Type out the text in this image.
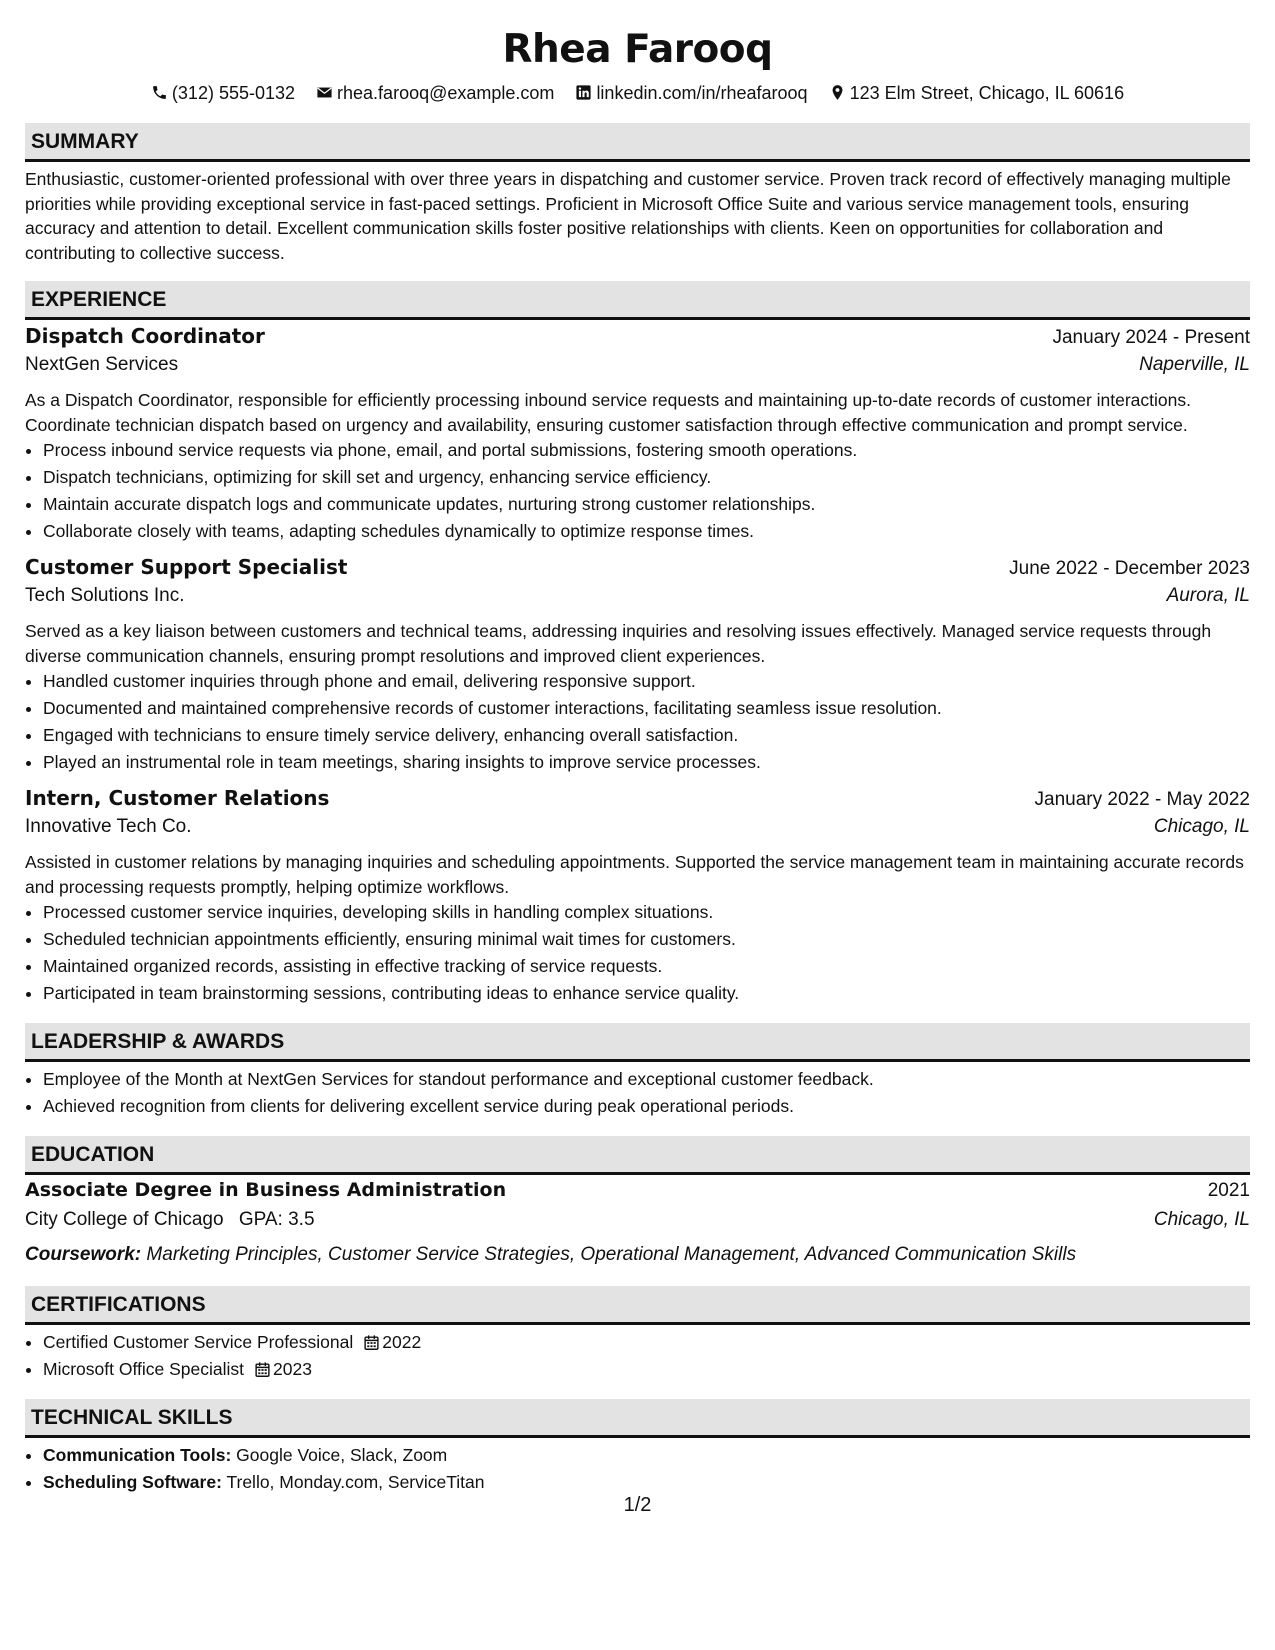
Rhea Farooq
(312) 555-0132 rhea.farooq@example.com linkedin.com/in/rheafarooq 123 Elm Street, Chicago, IL 60616
SUMMARY
Enthusiastic, customer-oriented professional with over three years in dispatching and customer service. Proven track record of effectively managing multiple priorities while providing exceptional service in fast-paced settings. Proficient in Microsoft Office Suite and various service management tools, ensuring accuracy and attention to detail. Excellent communication skills foster positive relationships with clients. Keen on opportunities for collaboration and contributing to collective success.
EXPERIENCE
Dispatch Coordinator	January 2024 - Present
NextGen Services	Naperville, IL
As a Dispatch Coordinator, responsible for efficiently processing inbound service requests and maintaining up-to-date records of customer interactions. Coordinate technician dispatch based on urgency and availability, ensuring customer satisfaction through effective communication and prompt service.
• Process inbound service requests via phone, email, and portal submissions, fostering smooth operations.
• Dispatch technicians, optimizing for skill set and urgency, enhancing service efficiency.
• Maintain accurate dispatch logs and communicate updates, nurturing strong customer relationships.
• Collaborate closely with teams, adapting schedules dynamically to optimize response times.
Customer Support Specialist	June 2022 - December 2023
Tech Solutions Inc.	Aurora, IL
Served as a key liaison between customers and technical teams, addressing inquiries and resolving issues effectively. Managed service requests through diverse communication channels, ensuring prompt resolutions and improved client experiences.
• Handled customer inquiries through phone and email, delivering responsive support.
• Documented and maintained comprehensive records of customer interactions, facilitating seamless issue resolution.
• Engaged with technicians to ensure timely service delivery, enhancing overall satisfaction.
• Played an instrumental role in team meetings, sharing insights to improve service processes.
Intern, Customer Relations	January 2022 - May 2022
Innovative Tech Co.	Chicago, IL
Assisted in customer relations by managing inquiries and scheduling appointments. Supported the service management team in maintaining accurate records and processing requests promptly, helping optimize workflows.
• Processed customer service inquiries, developing skills in handling complex situations.
• Scheduled technician appointments efficiently, ensuring minimal wait times for customers.
• Maintained organized records, assisting in effective tracking of service requests.
• Participated in team brainstorming sessions, contributing ideas to enhance service quality.
LEADERSHIP & AWARDS
• Employee of the Month at NextGen Services for standout performance and exceptional customer feedback.
• Achieved recognition from clients for delivering excellent service during peak operational periods.
EDUCATION
Associate Degree in Business Administration	2021
City College of Chicago GPA: 3.5	Chicago, IL
Coursework: Marketing Principles, Customer Service Strategies, Operational Management, Advanced Communication Skills
CERTIFICATIONS
• Certified Customer Service Professional 2022
• Microsoft Office Specialist 2023
TECHNICAL SKILLS
• Communication Tools: Google Voice, Slack, Zoom
• Scheduling Software: Trello, Monday.com, ServiceTitan
1/2
